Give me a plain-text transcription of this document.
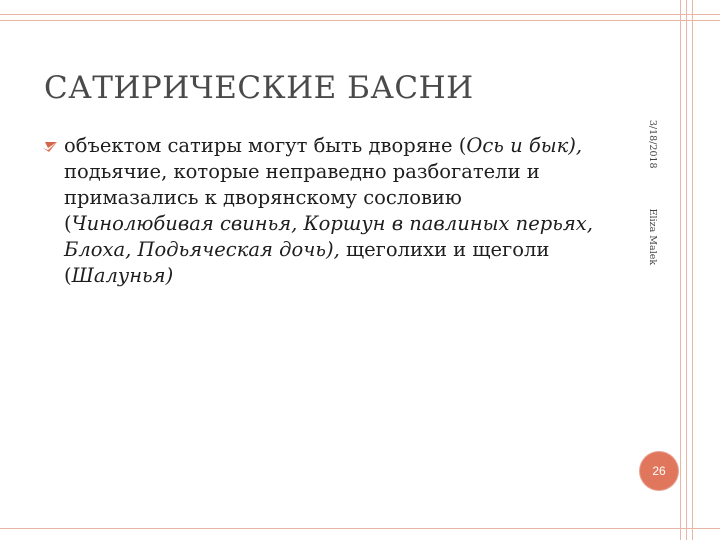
САТИРИЧЕСКИЕ БАСНИ
объектом сатиры могут быть дворяне (Ось и бык), подьячие, которые неправедно разбогатели и примазались к дворянскому сословию (Чинолюбивая свинья, Коршун в павлиных перьях, Блоха, Подьяческая дочь), щеголихи и щеголи (Шалунья)
3/18/2018Eliza Malek
26
